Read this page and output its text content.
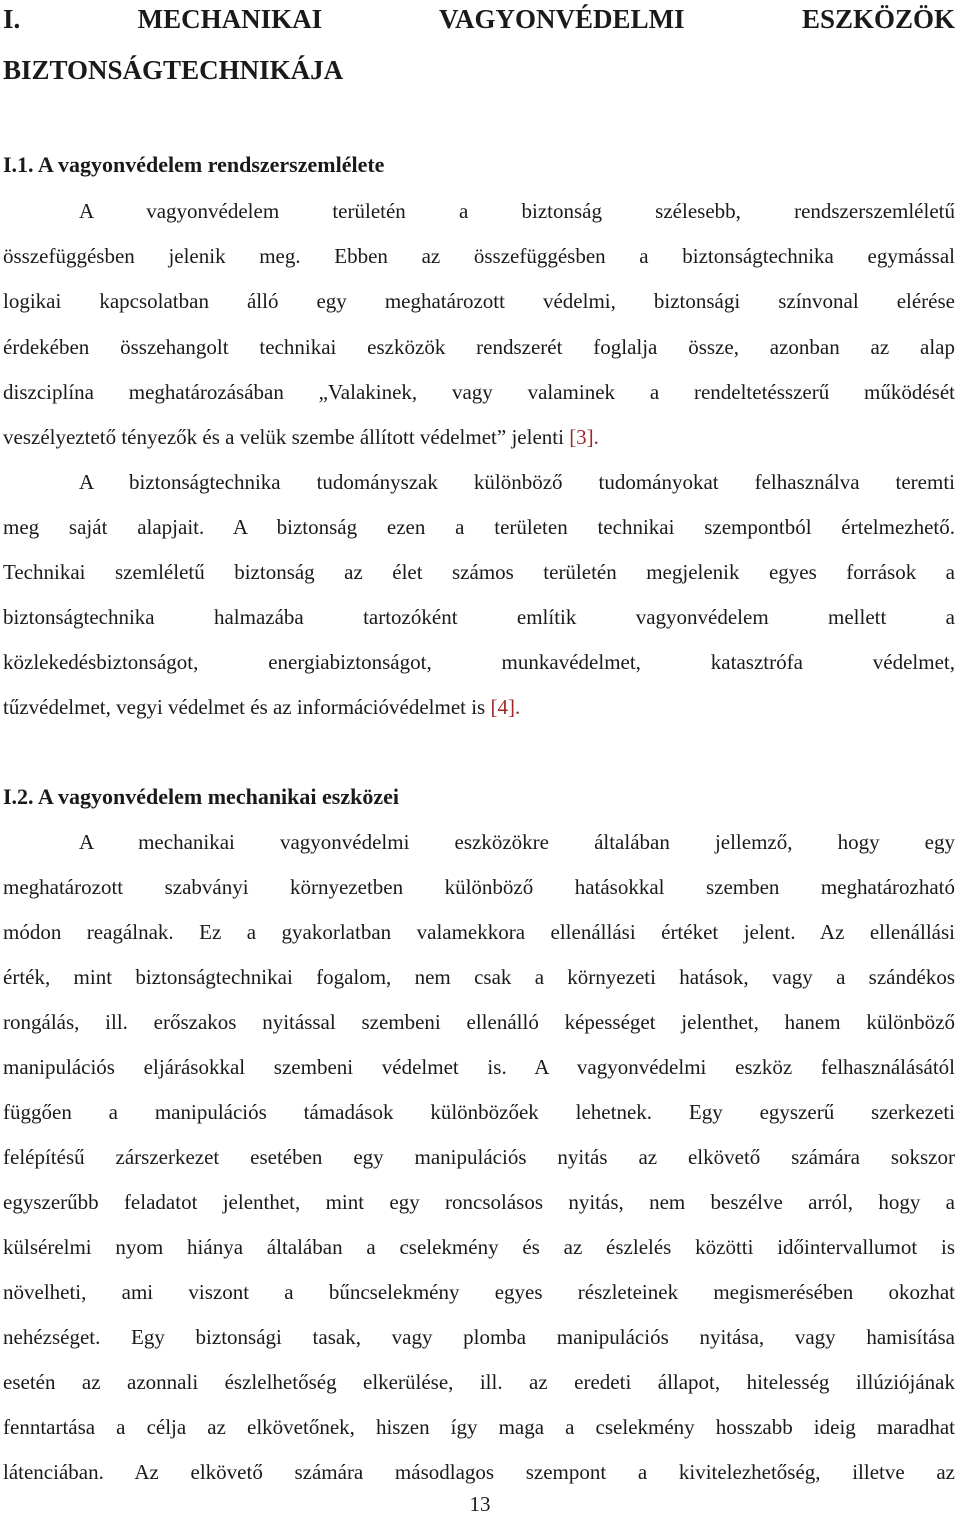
I. MECHANIKAI VAGYONVÉDELMI ESZKÖZÖK
BIZTONSÁGTECHNIKÁJA
I.1. A vagyonvédelem rendszerszemlélete
A vagyonvédelem területén a biztonság szélesebb, rendszerszemléletű
összefüggésben jelenik meg. Ebben az összefüggésben a biztonságtechnika egymással
logikai kapcsolatban álló egy meghatározott védelmi, biztonsági színvonal elérése
érdekében összehangolt technikai eszközök rendszerét foglalja össze, azonban az alap
diszciplína meghatározásában „Valakinek, vagy valaminek a rendeltetésszerű működését
veszélyeztető tényezők és a velük szembe állított védelmet” jelenti [3].
A biztonságtechnika tudományszak különböző tudományokat felhasználva teremti
meg saját alapjait. A biztonság ezen a területen technikai szempontból értelmezhető.
Technikai szemléletű biztonság az élet számos területén megjelenik egyes források a
biztonságtechnika halmazába tartozóként említik vagyonvédelem mellett a
közlekedésbiztonságot, energiabiztonságot, munkavédelmet, katasztrófa védelmet,
tűzvédelmet, vegyi védelmet és az információvédelmet is [4].
I.2. A vagyonvédelem mechanikai eszközei
A mechanikai vagyonvédelmi eszközökre általában jellemző, hogy egy
meghatározott szabványi környezetben különböző hatásokkal szemben meghatározható
módon reagálnak. Ez a gyakorlatban valamekkora ellenállási értéket jelent. Az ellenállási
érték, mint biztonságtechnikai fogalom, nem csak a környezeti hatások, vagy a szándékos
rongálás, ill. erőszakos nyitással szembeni ellenálló képességet jelenthet, hanem különböző
manipulációs eljárásokkal szembeni védelmet is. A vagyonvédelmi eszköz felhasználásától
függően a manipulációs támadások különbözőek lehetnek. Egy egyszerű szerkezeti
felépítésű zárszerkezet esetében egy manipulációs nyitás az elkövető számára sokszor
egyszerűbb feladatot jelenthet, mint egy roncsolásos nyitás, nem beszélve arról, hogy a
külsérelmi nyom hiánya általában a cselekmény és az észlelés közötti időintervallumot is
növelheti, ami viszont a bűncselekmény egyes részleteinek megismerésében okozhat
nehézséget. Egy biztonsági tasak, vagy plomba manipulációs nyitása, vagy hamisítása
esetén az azonnali észlelhetőség elkerülése, ill. az eredeti állapot, hitelesség illúziójának
fenntartása a célja az elkövetőnek, hiszen így maga a cselekmény hosszabb ideig maradhat
látenciában. Az elkövető számára másodlagos szempont a kivitelezhetőség, illetve az
13
